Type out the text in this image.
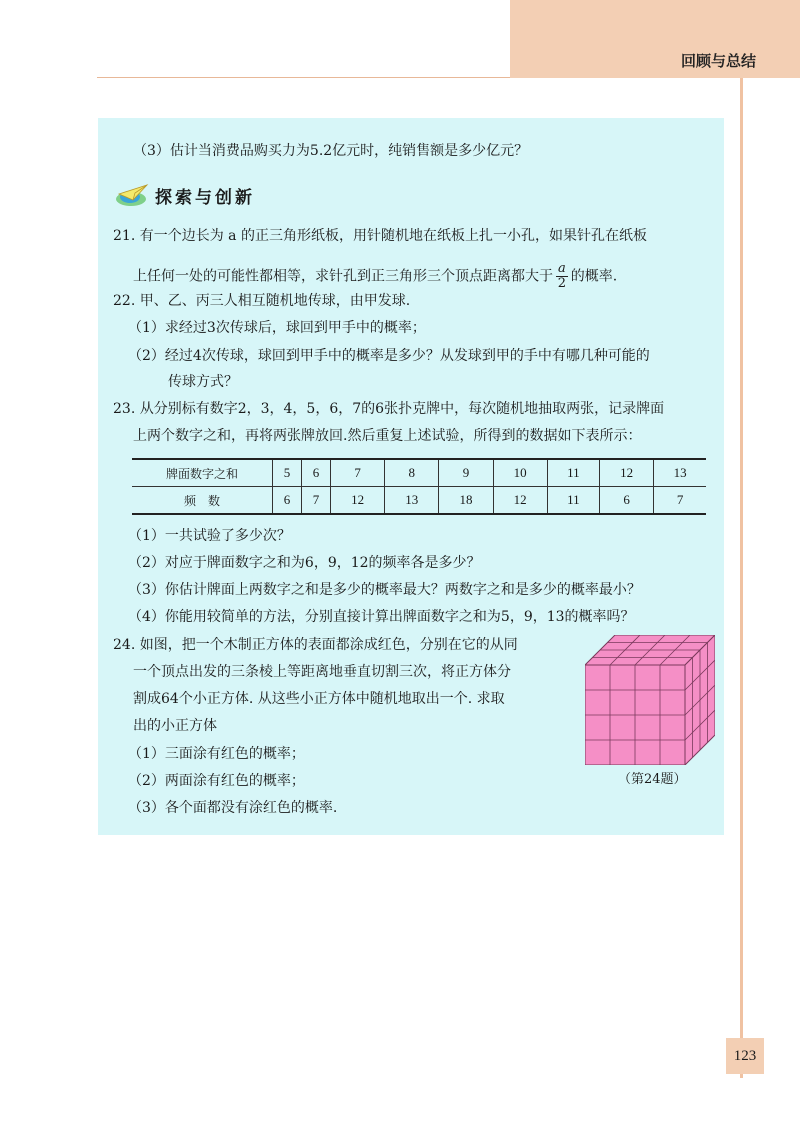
回顾与总结
（3）估计当消费品购买力为5.2亿元时，纯销售额是多少亿元？
探索与创新
21. 有一个边长为 a 的正三角形纸板，用针随机地在纸板上扎一小孔，如果针孔在纸板
上任何一处的可能性都相等，求针孔到正三角形三个顶点距离都大于 $\frac{a}{2}$ 的概率.
22. 甲、乙、丙三人相互随机地传球，由甲发球.
（1）求经过3次传球后，球回到甲手中的概率；
（2）经过4次传球，球回到甲手中的概率是多少？从发球到甲的手中有哪几种可能的
传球方式？
23. 从分别标有数字2，3，4，5，6，7的6张扑克牌中，每次随机地抽取两张，记录牌面
上两个数字之和，再将两张牌放回.然后重复上述试验，所得到的数据如下表所示：
牌面数字之和	5	6	7	8	9	10	11	12	13
频　数	6	7	12	13	18	12	11	6	7
（1）一共试验了多少次？
（2）对应于牌面数字之和为6，9，12的频率各是多少？
（3）你估计牌面上两数字之和是多少的概率最大？两数字之和是多少的概率最小？
（4）你能用较简单的方法，分别直接计算出牌面数字之和为5，9，13的概率吗？
24. 如图，把一个木制正方体的表面都涂成红色，分别在它的从同
一个顶点出发的三条棱上等距离地垂直切割三次，将正方体分
割成64个小正方体. 从这些小正方体中随机地取出一个. 求取
出的小正方体
（1）三面涂有红色的概率；
（2）两面涂有红色的概率；
（3）各个面都没有涂红色的概率.
（第24题）
123
